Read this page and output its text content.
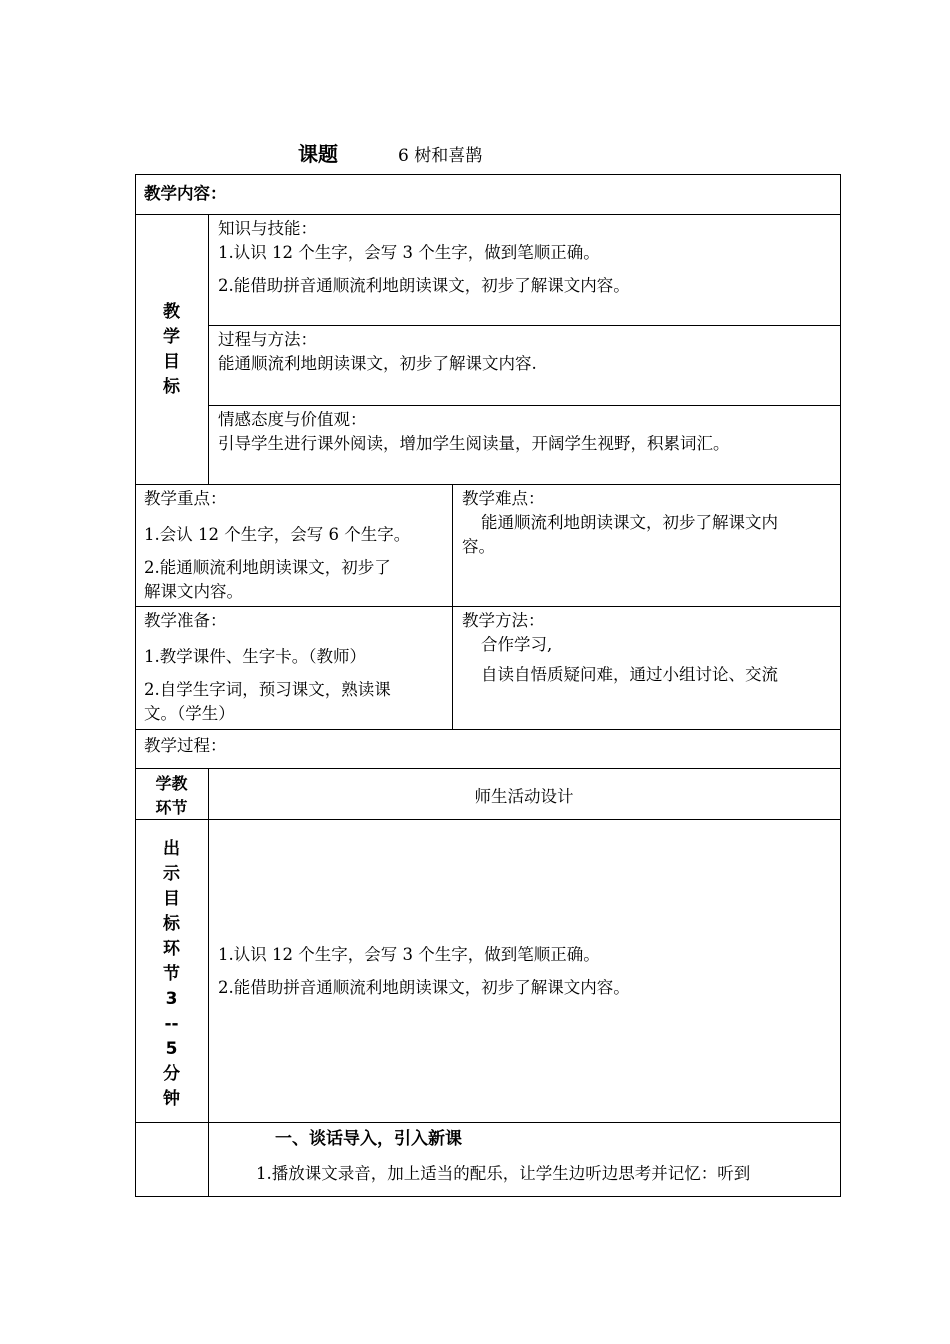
课题	6 树和喜鹊
教学内容：
教
学
目
标

知识与技能：

1.认识 12 个生字，会写 3 个生字，做到笔顺正确。

2.能借助拼音通顺流利地朗读课文，初步了解课文内容。

过程与方法：

能通顺流利地朗读课文，初步了解课文内容.

情感态度与价值观：

引导学生进行课外阅读，增加学生阅读量，开阔学生视野，积累词汇。

教学重点：

1.会认 12 个生字，会写 6 个生字。

2.能通顺流利地朗读课文，初步了

解课文内容。

教学难点：

能通顺流利地朗读课文，初步了解课文内

容。

教学准备：

1.教学课件、生字卡。（教师）

2.自学生字词，预习课文，熟读课

文。（学生）

教学方法：

合作学习,

自读自悟质疑问难，通过小组讨论、交流

教学过程：

学教

环节

师生活动设计
出
示
目
标
环
节
3
--
5
分
钟

1.认识 12 个生字，会写 3 个生字，做到笔顺正确。

2.能借助拼音通顺流利地朗读课文，初步了解课文内容。

一、谈话导入，引入新课
1.播放课文录音，加上适当的配乐，让学生边听边思考并记忆：听到
